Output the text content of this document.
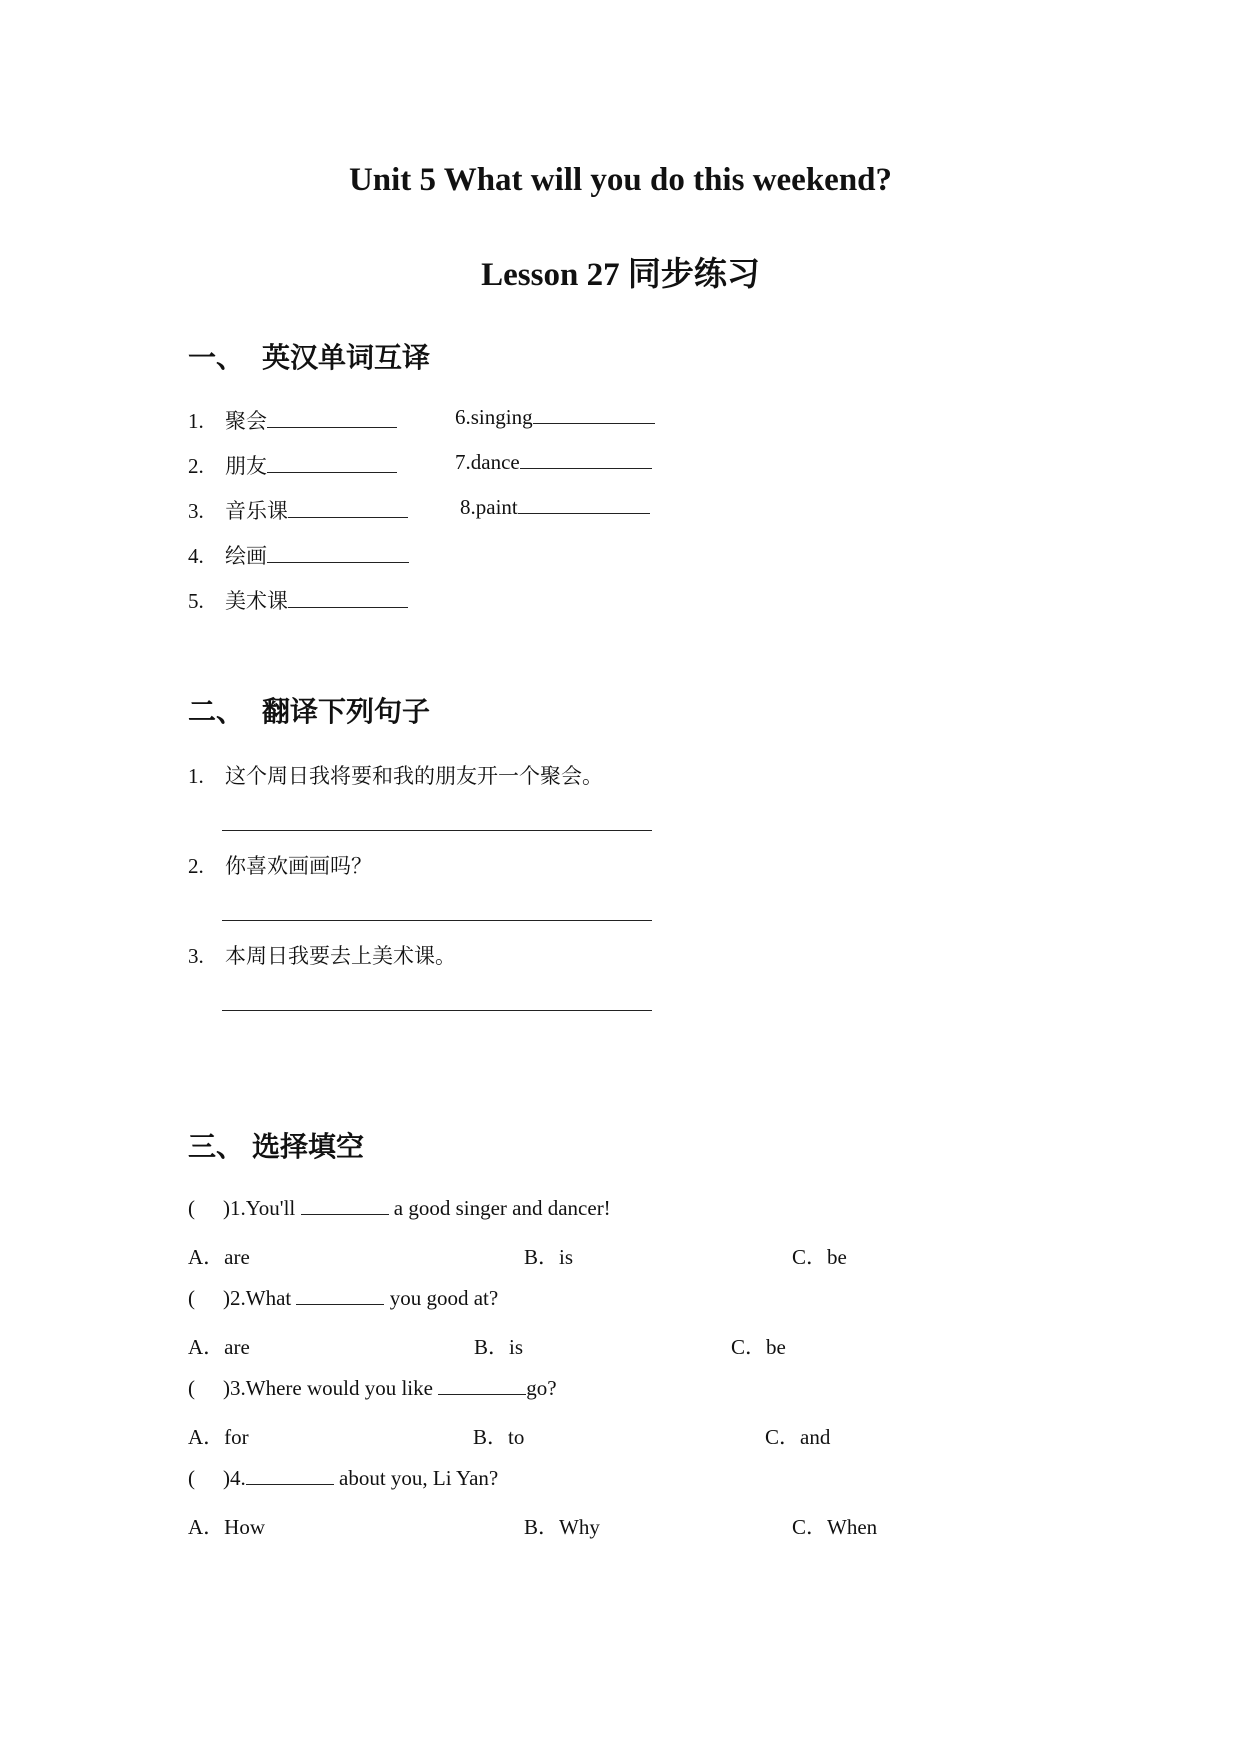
Unit 5 What will you do this weekend?
Lesson 27 同步练习
一、 英汉单词互译
1. 聚会
2. 朋友
3. 音乐课
4. 绘画
5. 美术课
6.singing
7.dance
8.paint
二、 翻译下列句子
1. 这个周日我将要和我的朋友开一个聚会。
2. 你喜欢画画吗？
3. 本周日我要去上美术课。
三、 选择填空
( )1.You'll	a good singer and dancer!
A．are	B．is	C．be
( )2.What	you good at?
A．are	B．is	C．be
( )3.Where would you like	go?
A．for	B．to	C．and
( )4.	about you, Li Yan?
A．How	B．Why	C．When
